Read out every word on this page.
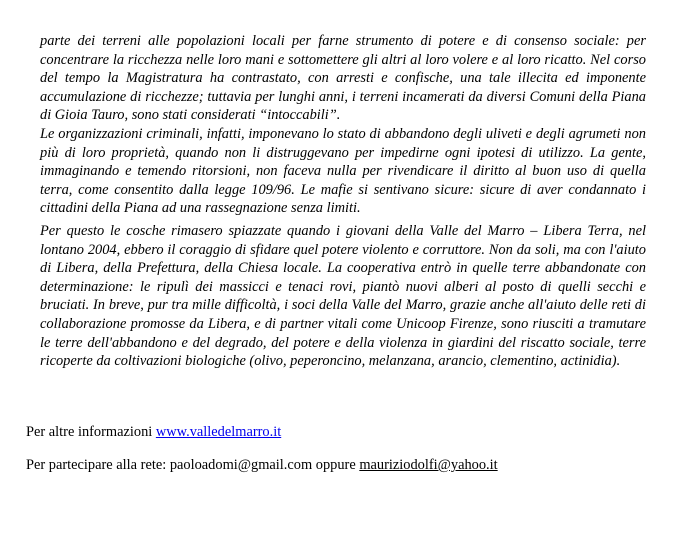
parte dei terreni alle popolazioni locali per farne strumento di potere e di consenso sociale: per concentrare la ricchezza nelle loro mani e sottomettere gli altri al loro volere e al loro ricatto. Nel corso del tempo la Magistratura ha contrastato, con arresti e confische, una tale illecita ed imponente accumulazione di ricchezze; tuttavia per lunghi anni, i terreni incamerati da diversi Comuni della Piana di Gioia Tauro, sono stati considerati “intoccabili”.

Le organizzazioni criminali, infatti, imponevano lo stato di abbandono degli uliveti e degli agrumeti non più di loro proprietà, quando non li distruggevano per impedirne ogni ipotesi di utilizzo. La gente, immaginando e temendo ritorsioni, non faceva nulla per rivendicare il diritto al buon uso di quella terra, come consentito dalla legge 109/96. Le mafie si sentivano sicure: sicure di aver condannato i cittadini della Piana ad una rassegnazione senza limiti.

Per questo le cosche rimasero spiazzate quando i giovani della Valle del Marro – Libera Terra, nel lontano 2004, ebbero il coraggio di sfidare quel potere violento e corruttore. Non da soli, ma con l'aiuto di Libera, della Prefettura, della Chiesa locale. La cooperativa entrò in quelle terre abbandonate con determinazione: le ripulì dei massicci e tenaci rovi, piantò nuovi alberi al posto di quelli secchi e bruciati. In breve, pur tra mille difficoltà, i soci della Valle del Marro, grazie anche all'aiuto delle reti di collaborazione promosse da Libera, e di partner vitali come Unicoop Firenze, sono riusciti a tramutare le terre dell'abbandono e del degrado, del potere e della violenza in giardini del riscatto sociale, terre ricoperte da coltivazioni biologiche (olivo, peperoncino, melanzana, arancio, clementino, actinidia).

Per altre informazioni www.valledelmarro.it
Per partecipare alla rete: paoloadomi@gmail.com oppure mauriziodolfi@yahoo.it
